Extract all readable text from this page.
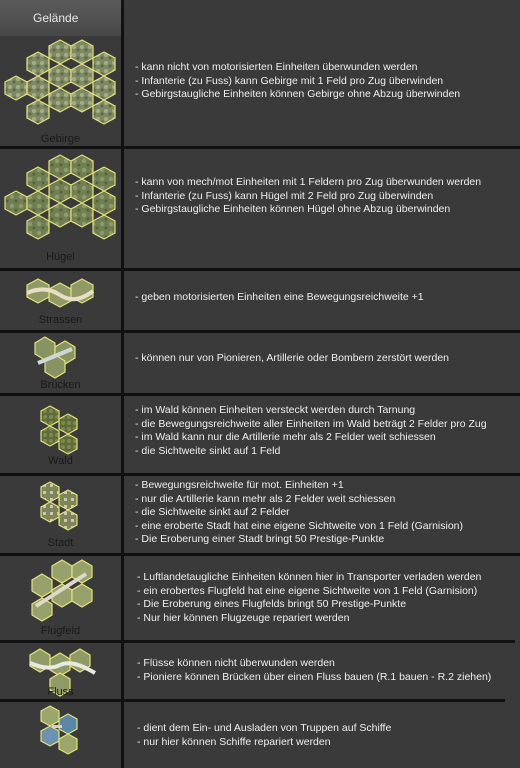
Gelände
Gebirge
- kann nicht von motorisierten Einheiten überwunden werden
- Infanterie (zu Fuss) kann Gebirge mit 1 Feld pro Zug überwinden
- Gebirgstaugliche Einheiten können Gebirge ohne Abzug überwinden
Hügel
- kann von mech/mot Einheiten mit 1 Feldern pro Zug überwunden werden
- Infanterie (zu Fuss) kann Hügel mit 2 Feld pro Zug überwinden
- Gebirgstaugliche Einheiten können Hügel ohne Abzug überwinden
Strassen
- geben motorisierten Einheiten eine Bewegungsreichweite +1
Brücken
- können nur von Pionieren, Artillerie oder Bombern zerstört werden
Wald
- im Wald können Einheiten versteckt werden durch Tarnung
- die Bewegungsreichweite aller Einheiten im Wald beträgt 2 Felder pro Zug
- im Wald kann nur die Artillerie mehr als 2 Felder weit schiessen
- die Sichtweite sinkt auf 1 Feld
Stadt
- Bewegungsreichweite für mot. Einheiten +1
- nur die Artillerie kann mehr als 2 Felder weit schiessen
- die Sichtweite sinkt auf 2 Felder
- eine eroberte Stadt hat eine eigene Sichtweite von 1 Feld (Garnision)
- Die Eroberung einer Stadt bringt 50 Prestige-Punkte
Flugfeld
- Luftlandetaugliche Einheiten können hier in Transporter verladen werden
- ein erobertes Flugfeld hat eine eigene Sichtweite von 1 Feld (Garnision)
- Die Eroberung eines Flugfelds bringt 50 Prestige-Punkte
- Nur hier können Flugzeuge repariert werden
Fluss
- Flüsse können nicht überwunden werden
- Pioniere können Brücken über einen Fluss bauen (R.1 bauen - R.2 ziehen)
- dient dem Ein- und Ausladen von Truppen auf Schiffe
- nur hier können Schiffe repariert werden
